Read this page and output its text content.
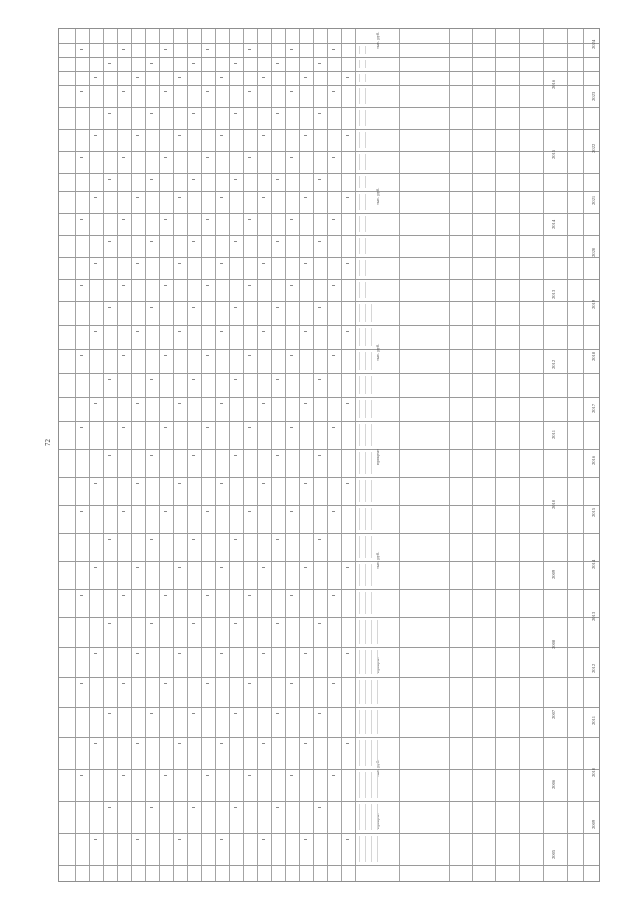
72
2016
2015
2014
2013
2012
2011
2010
2009
2008
2007
2006
2005
2024
2023
2022
2021
2020
2019
2018
2017
2016
2015
2014
2013
2012
2011
2010
2009
тыс. руб.
тыс. руб.
тыс. руб.
процент
тыс. руб.
процент
тыс. руб.
процент
